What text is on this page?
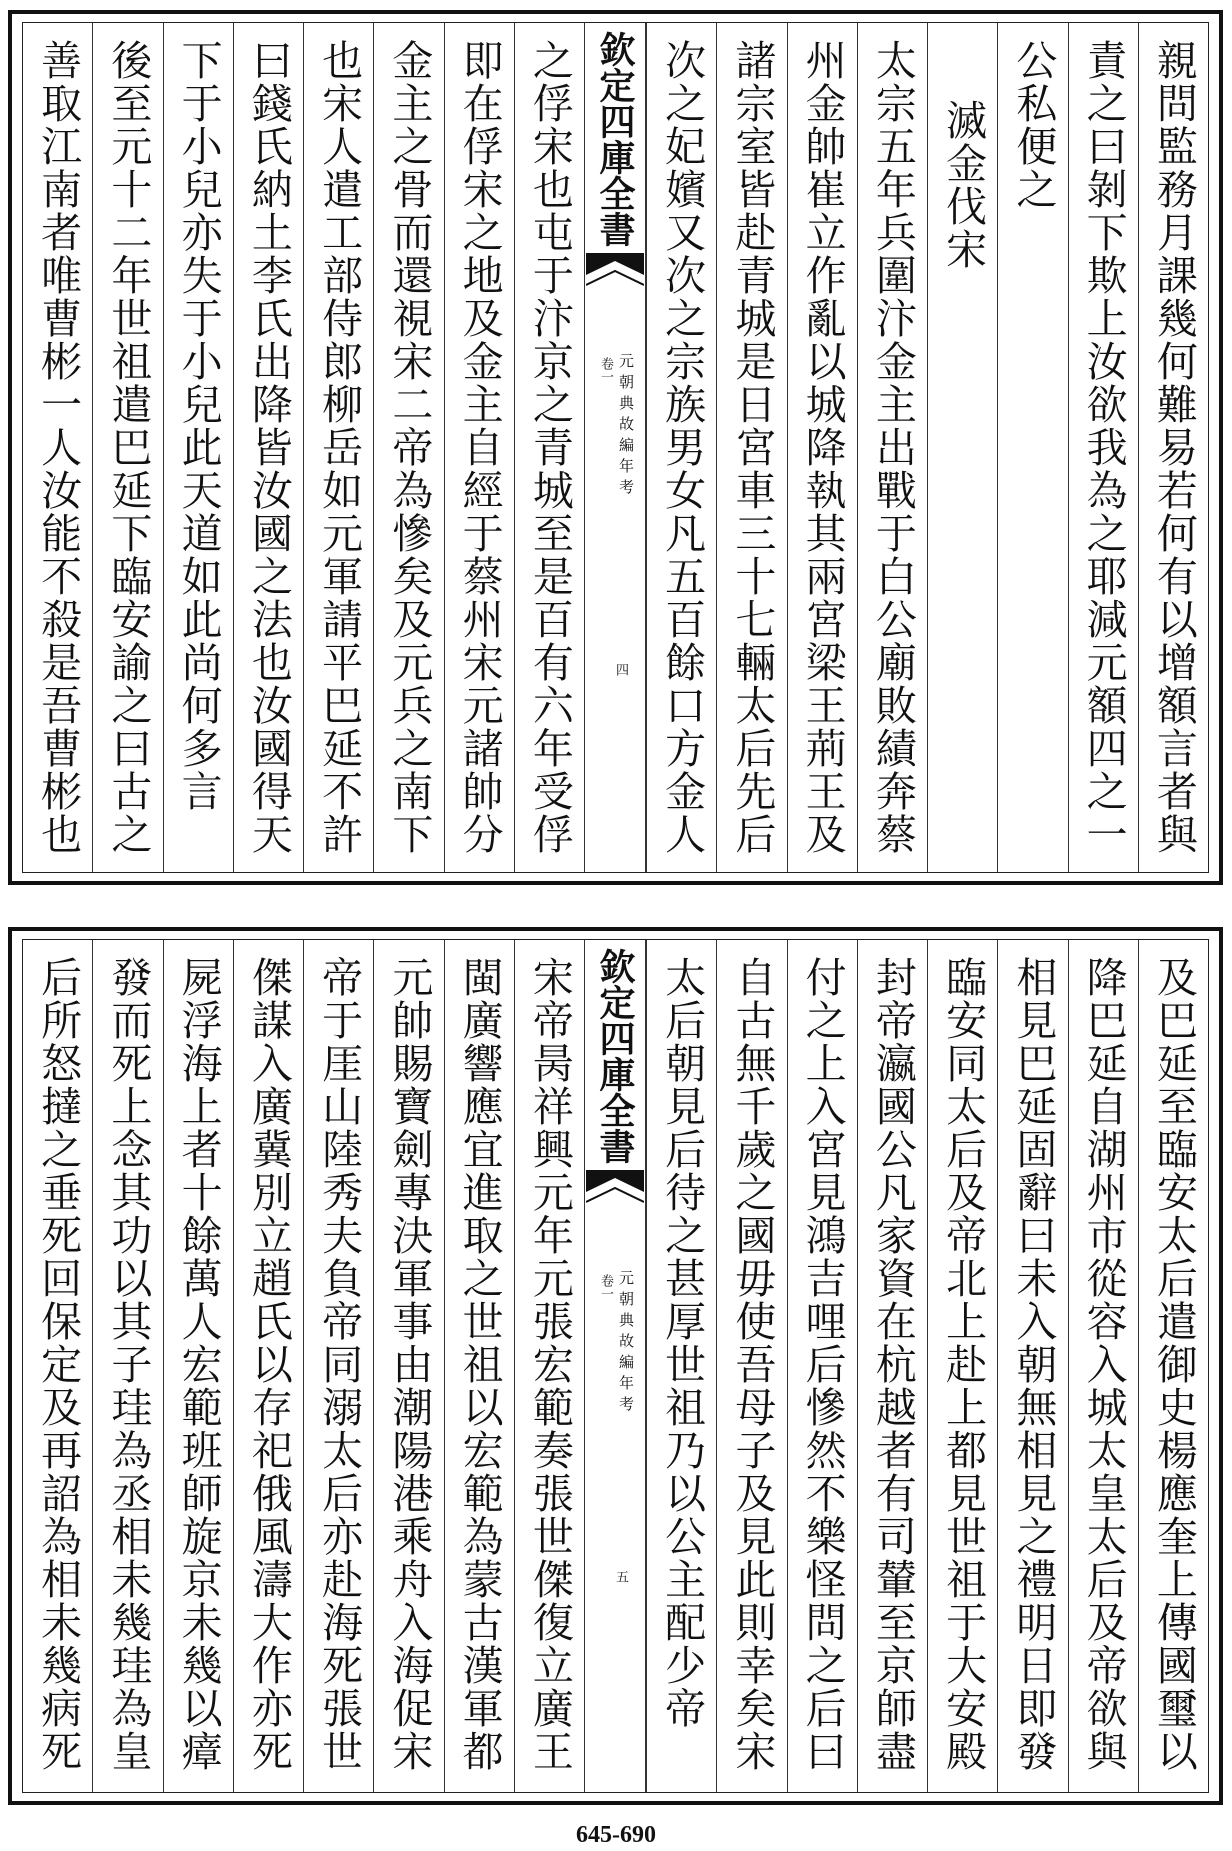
親問監務月課幾何難易若何有以增額言者與
責之曰剝下欺上汝欲我為之耶減元額四之一
公私便之
滅金伐宋
太宗五年兵圍汴金主出戰于白公廟敗績奔蔡
州金帥崔立作亂以城降執其兩宮梁王荊王及
諸宗室皆赴青城是日宮車三十七輛太后先后
次之妃嬪又次之宗族男女凡五百餘口方金人
欽定四庫全書
元朝典故編年考
卷一
四
之俘宋也屯于汴京之青城至是百有六年受俘
即在俘宋之地及金主自經于蔡州宋元諸帥分
金主之骨而還視宋二帝為慘矣及元兵之南下
也宋人遣工部侍郎柳岳如元軍請平巴延不許
曰錢氏納土李氏出降皆汝國之法也汝國得天
下于小兒亦失于小兒此天道如此尚何多言
後至元十二年世祖遣巴延下臨安諭之曰古之
善取江南者唯曹彬一人汝能不殺是吾曹彬也
及巴延至臨安太后遣御史楊應奎上傳國璽以
降巴延自湖州市從容入城太皇太后及帝欲與
相見巴延固辭曰未入朝無相見之禮明日即發
臨安同太后及帝北上赴上都見世祖于大安殿
封帝瀛國公凡家資在杭越者有司輦至京師盡
付之上入宮見鴻吉哩后慘然不樂怪問之后曰
自古無千歲之國毋使吾母子及見此則幸矣宋
太后朝見后待之甚厚世祖乃以公主配少帝
欽定四庫全書
元朝典故編年考
卷一
五
宋帝昺祥興元年元張宏範奏張世傑復立廣王
閩廣響應宜進取之世祖以宏範為蒙古漢軍都
元帥賜寶劍專決軍事由潮陽港乘舟入海促宋
帝于厓山陸秀夫負帝同溺太后亦赴海死張世
傑謀入廣冀別立趙氏以存祀俄風濤大作亦死
屍浮海上者十餘萬人宏範班師旋京未幾以瘴
發而死上念其功以其子珪為丞相未幾珪為皇
后所怒撻之垂死回保定及再詔為相未幾病死
645-690
